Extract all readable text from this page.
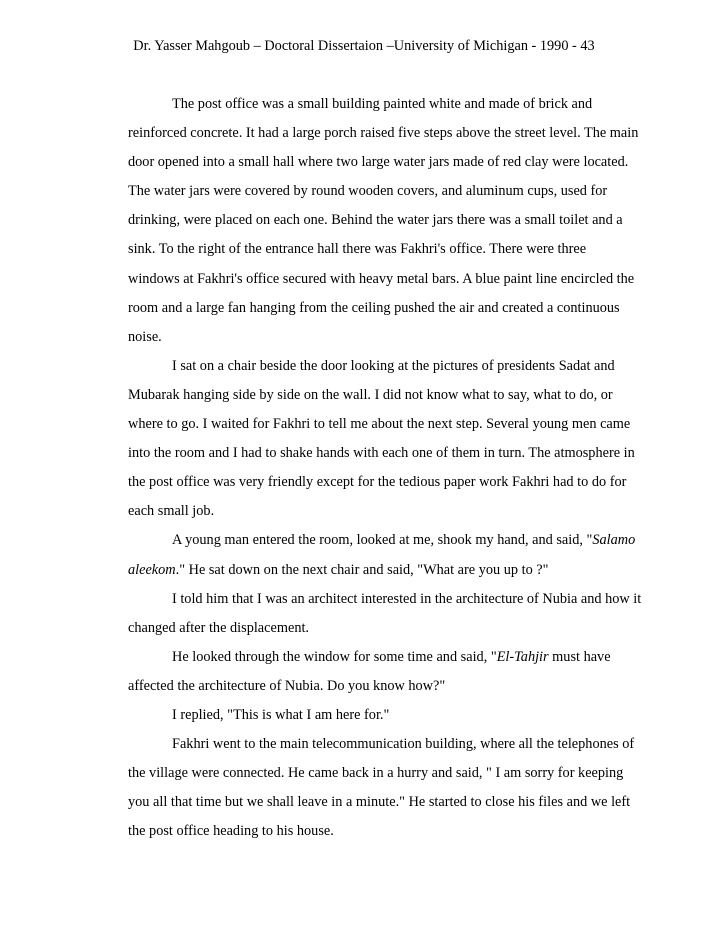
Dr. Yasser Mahgoub – Doctoral Dissertaion –University of Michigan - 1990 - 43
The post office was a small building painted white and made of brick and
reinforced concrete. It had a large porch raised five steps above the street level. The main
door opened into a small hall where two large water jars made of red clay were located.
The water jars were covered by round wooden covers, and aluminum cups, used for
drinking, were placed on each one. Behind the water jars there was a small toilet and a
sink. To the right of the entrance hall there was Fakhri's office. There were three
windows at Fakhri's office secured with heavy metal bars. A blue paint line encircled the
room and a large fan hanging from the ceiling pushed the air and created a continuous
noise.
I sat on a chair beside the door looking at the pictures of presidents Sadat and
Mubarak hanging side by side on the wall. I did not know what to say, what to do, or
where to go. I waited for Fakhri to tell me about the next step. Several young men came
into the room and I had to shake hands with each one of them in turn. The atmosphere in
the post office was very friendly except for the tedious paper work Fakhri had to do for
each small job.
A young man entered the room, looked at me, shook my hand, and said, "Salamo
aleekom." He sat down on the next chair and said, "What are you up to ?"
I told him that I was an architect interested in the architecture of Nubia and how it
changed after the displacement.
He looked through the window for some time and said, "El-Tahjir must have
affected the architecture of Nubia. Do you know how?"
I replied, "This is what I am here for."
Fakhri went to the main telecommunication building, where all the telephones of
the village were connected. He came back in a hurry and said, " I am sorry for keeping
you all that time but we shall leave in a minute." He started to close his files and we left
the post office heading to his house.
